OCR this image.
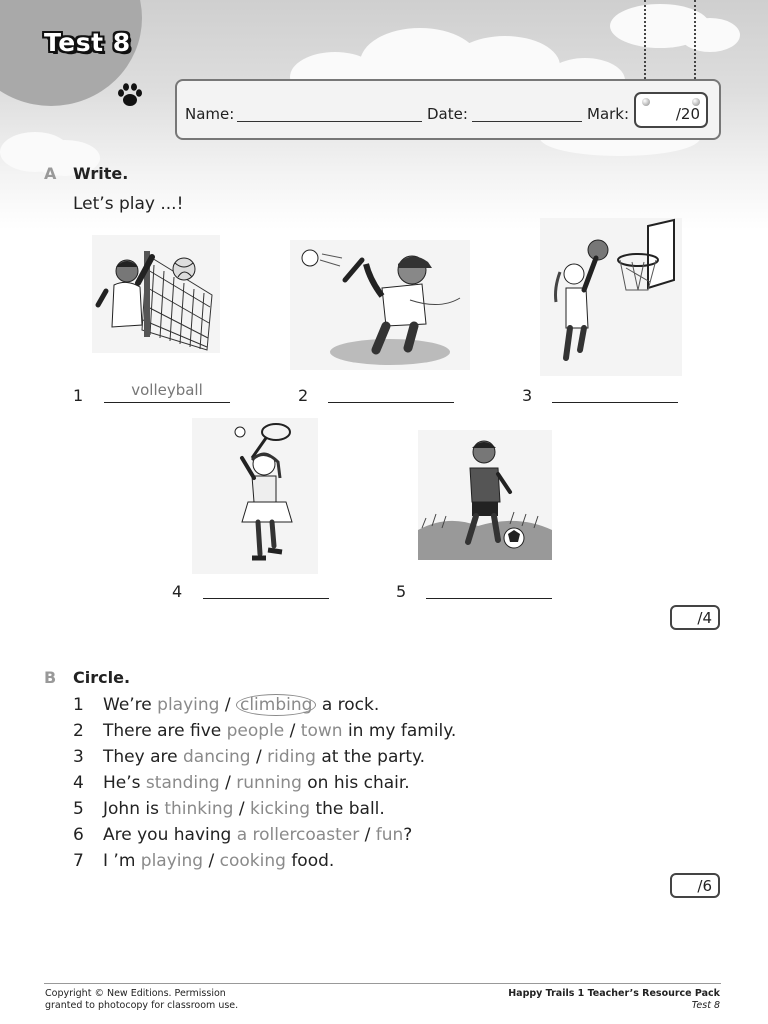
Test 8
Name:	Date:	Mark:	/20
A Write.
Let’s play ...!
1	volleyball	2	3
4	5
/4
B Circle.
1 We’re playing / climbing a rock.
2 There are five people / town in my family.
3 They are dancing / riding at the party.
4 He’s standing / running on his chair.
5 John is thinking / kicking the ball.
6 Are you having a rollercoaster / fun?
7 I ’m playing / cooking food.
/6
Copyright © New Editions. Permission
granted to photocopy for classroom use.
Happy Trails 1 Teacher’s Resource Pack
Test 8
